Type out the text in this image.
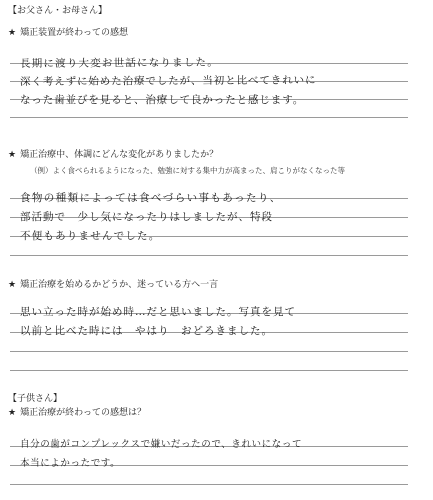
【お父さん・お母さん】
★ 矯正装置が終わっての感想
長期に渡り大変お世話になりました。
深く考えずに始めた治療でしたが、当初と比べてきれいに
なった歯並びを見ると、治療して良かったと感じます。
★ 矯正治療中、体調にどんな変化がありましたか？
（例）よく食べられるようになった、勉強に対する集中力が高まった、肩こりがなくなった等
食物の種類によっては食べづらい事もあったり、
部活動で　少し気になったりはしましたが、特段
不便もありませんでした。
★ 矯正治療を始めるかどうか、迷っている方へ一言
思い立った時が始め時…だと思いました。写真を見て
以前と比べた時には　やはり　おどろきました。
【子供さん】
★ 矯正治療が終わっての感想は？
自分の歯がコンプレックスで嫌いだったので、きれいになって
本当によかったです。
